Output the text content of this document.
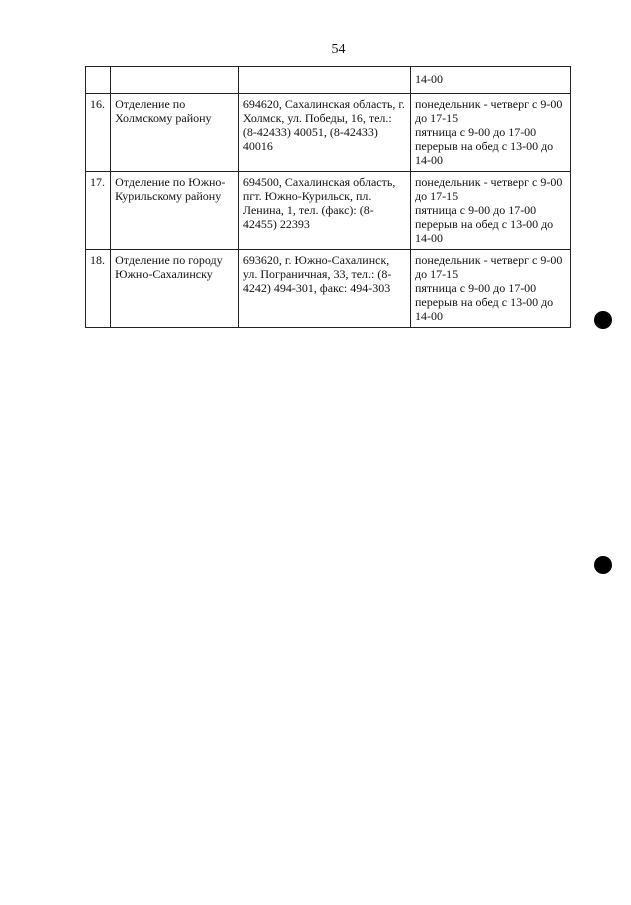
54
			14-00
16.	Отделение по Холмскому району	694620, Сахалинская область, г. Холмск, ул. Победы, 16, тел.: (8-42433) 40051, (8-42433) 40016	понедельник - четверг с 9-00 до 17-15
пятница с 9-00 до 17-00
перерыв на обед с 13-00 до 14-00
17.	Отделение по Южно-Курильскому району	694500, Сахалинская область, пгт. Южно-Курильск, пл. Ленина, 1, тел. (факс): (8-42455) 22393	понедельник - четверг с 9-00 до 17-15
пятница с 9-00 до 17-00
перерыв на обед с 13-00 до 14-00
18.	Отделение по городу Южно-Сахалинску	693620, г. Южно-Сахалинск, ул. Пограничная, 33, тел.: (8-4242) 494-301, факс: 494-303	понедельник - четверг с 9-00 до 17-15
пятница с 9-00 до 17-00
перерыв на обед с 13-00 до 14-00
